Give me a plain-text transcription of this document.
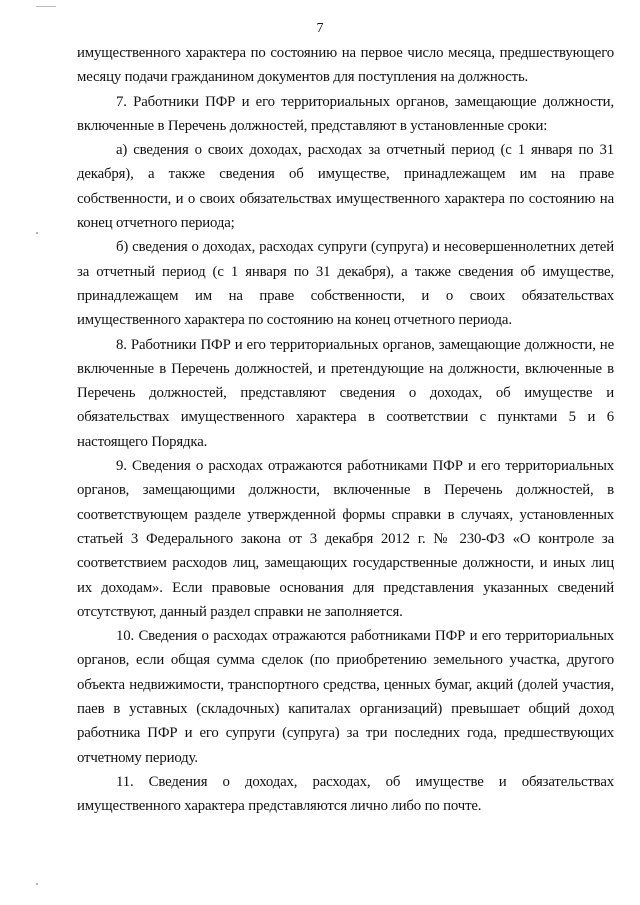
7

имущественного характера по состоянию на первое число месяца, предшествующего месяцу подачи гражданином документов для поступления на должность.

7. Работники ПФР и его территориальных органов, замещающие должности, включенные в Перечень должностей, представляют в установленные сроки:

а) сведения о своих доходах, расходах за отчетный период (с 1 января по 31 декабря), а также сведения об имуществе, принадлежащем им на праве собственности, и о своих обязательствах имущественного характера по состоянию на конец отчетного периода;

б) сведения о доходах, расходах супруги (супруга) и несовершеннолетних детей за отчетный период (с 1 января по 31 декабря), а также сведения об имуществе, принадлежащем им на праве собственности, и о своих обязательствах имущественного характера по состоянию на конец отчетного периода.

8. Работники ПФР и его территориальных органов, замещающие должности, не включенные в Перечень должностей, и претендующие на должности, включенные в Перечень должностей, представляют сведения о доходах, об имуществе и обязательствах имущественного характера в соответствии с пунктами 5 и 6 настоящего Порядка.

9. Сведения о расходах отражаются работниками ПФР и его территориальных органов, замещающими должности, включенные в Перечень должностей, в соответствующем разделе утвержденной формы справки в случаях, установленных статьей 3 Федерального закона от 3 декабря 2012 г. № 230-ФЗ «О контроле за соответствием расходов лиц, замещающих государственные должности, и иных лиц их доходам». Если правовые основания для представления указанных сведений отсутствуют, данный раздел справки не заполняется.

10. Сведения о расходах отражаются работниками ПФР и его территориальных органов, если общая сумма сделок (по приобретению земельного участка, другого объекта недвижимости, транспортного средства, ценных бумаг, акций (долей участия, паев в уставных (складочных) капиталах организаций) превышает общий доход работника ПФР и его супруги (супруга) за три последних года, предшествующих отчетному периоду.

11. Сведения о доходах, расходах, об имуществе и обязательствах имущественного характера представляются лично либо по почте.
